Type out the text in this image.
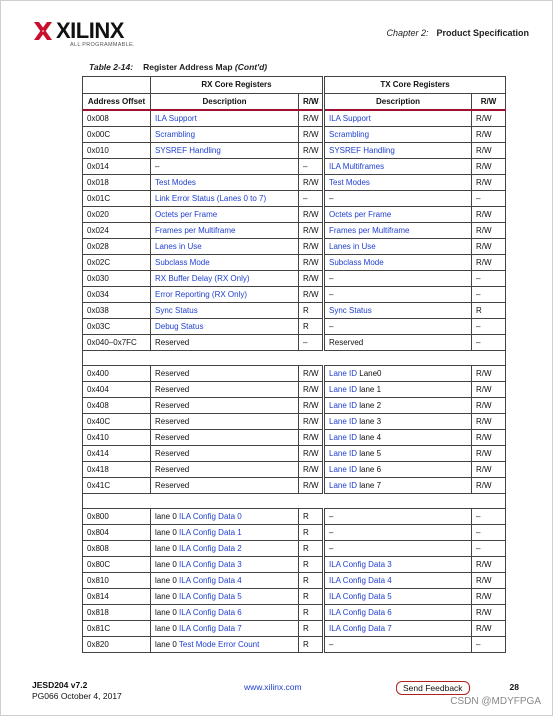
XILINX
ALL PROGRAMMABLE.
Chapter 2: Product Specification
Table 2-14: Register Address Map (Cont'd)
	RX Core Registers		TX Core Registers	
Address Offset	Description	R/W	Description	R/W
0x008	ILA Support	R/W	ILA Support	R/W
0x00C	Scrambling	R/W	Scrambling	R/W
0x010	SYSREF Handling	R/W	SYSREF Handling	R/W
0x014	–	–	ILA Multiframes	R/W
0x018	Test Modes	R/W	Test Modes	R/W
0x01C	Link Error Status (Lanes 0 to 7)	–	–	–
0x020	Octets per Frame	R/W	Octets per Frame	R/W
0x024	Frames per Multiframe	R/W	Frames per Multiframe	R/W
0x028	Lanes in Use	R/W	Lanes in Use	R/W
0x02C	Subclass Mode	R/W	Subclass Mode	R/W
0x030	RX Buffer Delay (RX Only)	R/W	–	–
0x034	Error Reporting (RX Only)	R/W	–	–
0x038	Sync Status	R	Sync Status	R
0x03C	Debug Status	R	–	–
0x040–0x7FC	Reserved	–	Reserved	–

0x400	Reserved	R/W	Lane ID Lane0	R/W
0x404	Reserved	R/W	Lane ID lane 1	R/W
0x408	Reserved	R/W	Lane ID lane 2	R/W
0x40C	Reserved	R/W	Lane ID lane 3	R/W
0x410	Reserved	R/W	Lane ID lane 4	R/W
0x414	Reserved	R/W	Lane ID lane 5	R/W
0x418	Reserved	R/W	Lane ID lane 6	R/W
0x41C	Reserved	R/W	Lane ID lane 7	R/W

0x800	lane 0 ILA Config Data 0	R	–	–
0x804	lane 0 ILA Config Data 1	R	–	–
0x808	lane 0 ILA Config Data 2	R	–	–
0x80C	lane 0 ILA Config Data 3	R	ILA Config Data 3	R/W
0x810	lane 0 ILA Config Data 4	R	ILA Config Data 4	R/W
0x814	lane 0 ILA Config Data 5	R	ILA Config Data 5	R/W
0x818	lane 0 ILA Config Data 6	R	ILA Config Data 6	R/W
0x81C	lane 0 ILA Config Data 7	R	ILA Config Data 7	R/W
0x820	lane 0 Test Mode Error Count	R	–	–
JESD204 v7.2
PG066 October 4, 2017
www.xilinx.com	Send Feedback	28
CSDN @MDYFPGA
